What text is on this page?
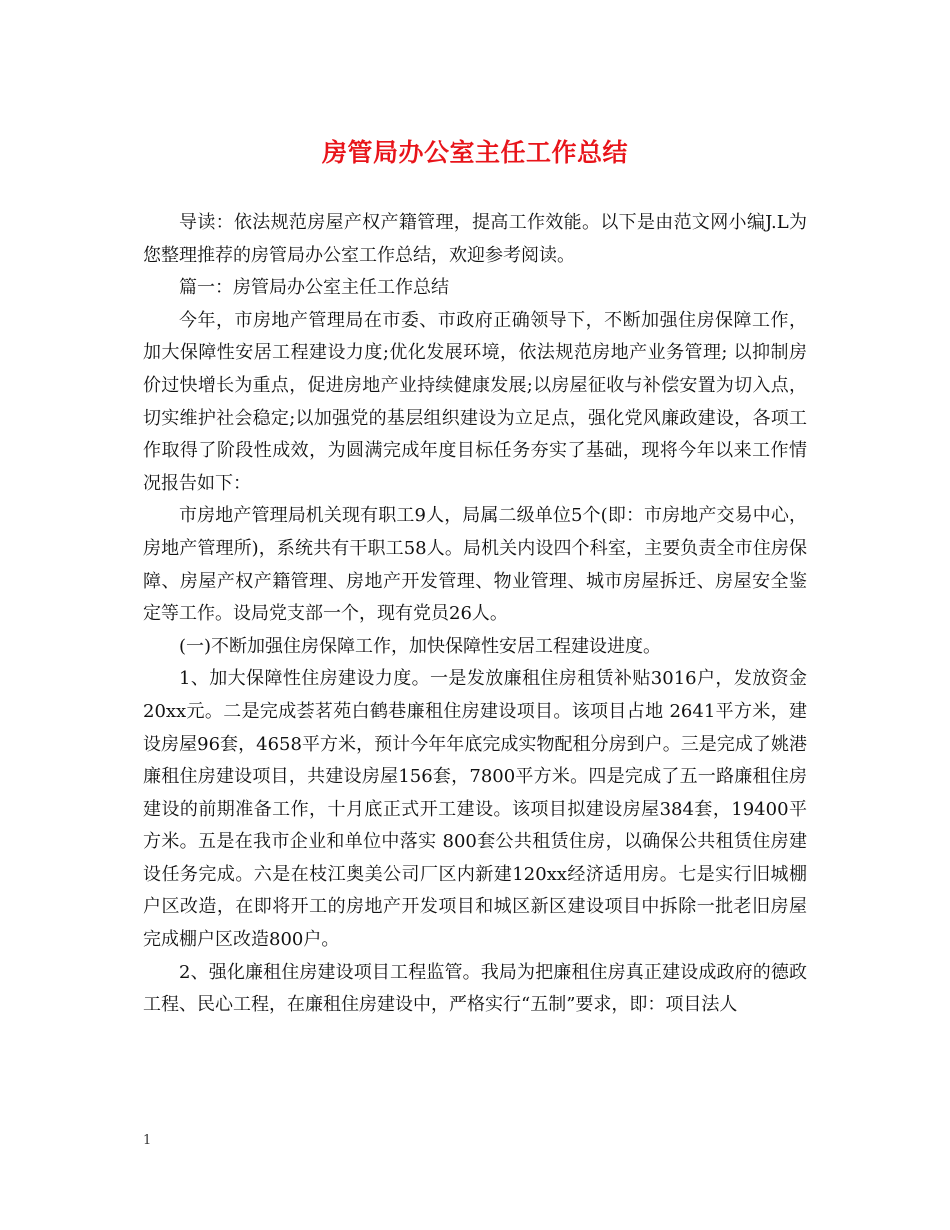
房管局办公室主任工作总结

导读：依法规范房屋产权产籍管理，提高工作效能。以下是由范文网小编J.L为您整理推荐的房管局办公室工作总结，欢迎参考阅读。

篇一：房管局办公室主任工作总结

今年，市房地产管理局在市委、市政府正确领导下，不断加强住房保障工作，加大保障性安居工程建设力度;优化发展环境，依法规范房地产业务管理; 以抑制房价过快增长为重点，促进房地产业持续健康发展;以房屋征收与补偿安置为切入点，切实维护社会稳定;以加强党的基层组织建设为立足点，强化党风廉政建设，各项工作取得了阶段性成效，为圆满完成年度目标任务夯实了基础，现将今年以来工作情况报告如下：

市房地产管理局机关现有职工9人，局属二级单位5个(即：市房地产交易中心，房地产管理所)，系统共有干职工58人。局机关内设四个科室，主要负责全市住房保障、房屋产权产籍管理、房地产开发管理、物业管理、城市房屋拆迁、房屋安全鉴定等工作。设局党支部一个，现有党员26人。

(一)不断加强住房保障工作，加快保障性安居工程建设进度。

1、加大保障性住房建设力度。一是发放廉租住房租赁补贴3016户，发放资金20xx元。二是完成荟茗苑白鹤巷廉租住房建设项目。该项目占地 2641平方米，建设房屋96套，4658平方米，预计今年年底完成实物配租分房到户。三是完成了姚港廉租住房建设项目，共建设房屋156套，7800平方米。四是完成了五一路廉租住房建设的前期准备工作，十月底正式开工建设。该项目拟建设房屋384套，19400平方米。五是在我市企业和单位中落实 800套公共租赁住房，以确保公共租赁住房建设任务完成。六是在枝江奥美公司厂区内新建120xx经济适用房。七是实行旧城棚户区改造，在即将开工的房地产开发项目和城区新区建设项目中拆除一批老旧房屋完成棚户区改造800户。

2、强化廉租住房建设项目工程监管。我局为把廉租住房真正建设成政府的德政工程、民心工程，在廉租住房建设中，严格实行“五制”要求，即：项目法人

1
